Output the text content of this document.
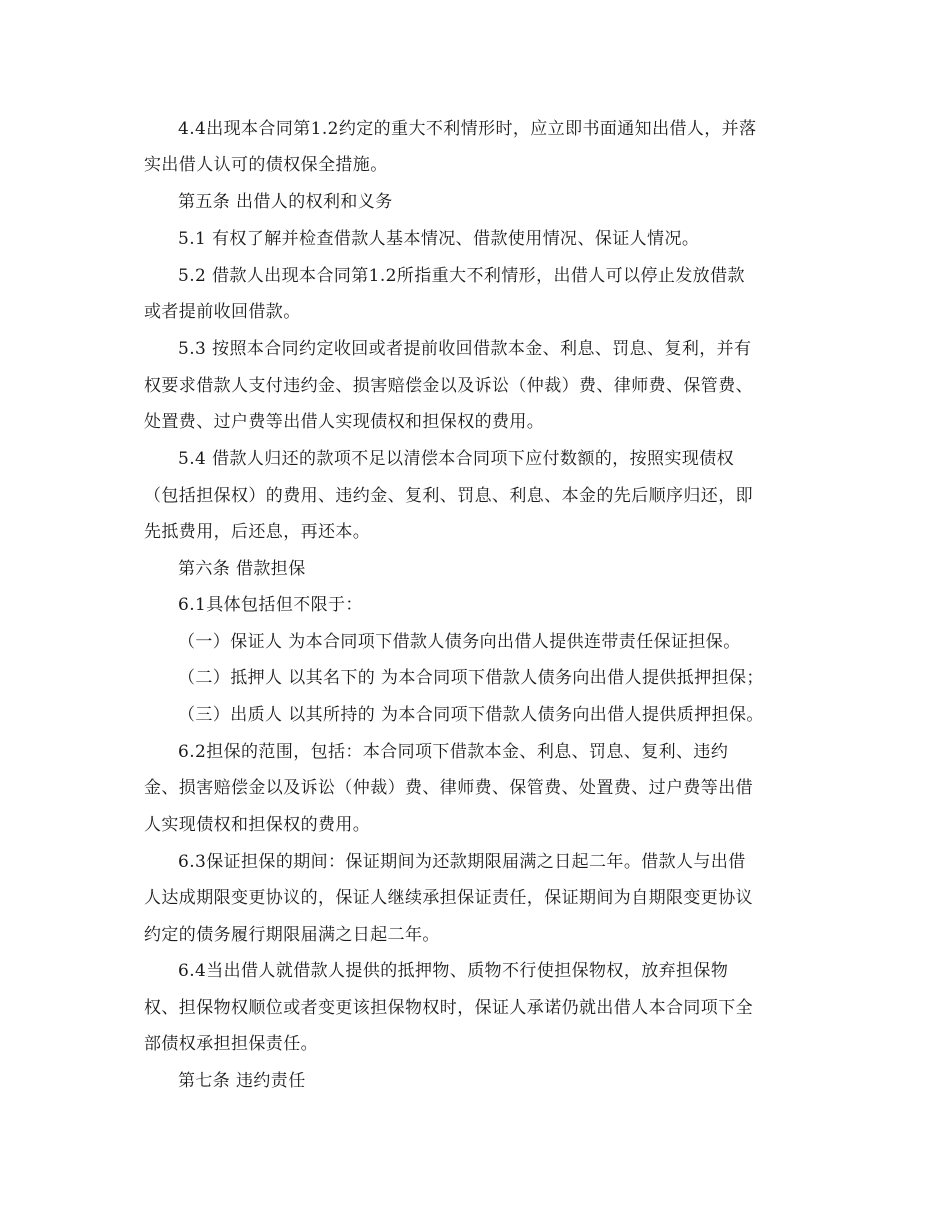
4.4出现本合同第1.2约定的重大不利情形时，应立即书面通知出借人，并落
实出借人认可的债权保全措施。
第五条 出借人的权利和义务
5.1 有权了解并检查借款人基本情况、借款使用情况、保证人情况。
5.2 借款人出现本合同第1.2所指重大不利情形，出借人可以停止发放借款
或者提前收回借款。
5.3 按照本合同约定收回或者提前收回借款本金、利息、罚息、复利，并有
权要求借款人支付违约金、损害赔偿金以及诉讼（仲裁）费、律师费、保管费、
处置费、过户费等出借人实现债权和担保权的费用。
5.4 借款人归还的款项不足以清偿本合同项下应付数额的，按照实现债权
（包括担保权）的费用、违约金、复利、罚息、利息、本金的先后顺序归还，即
先抵费用，后还息，再还本。
第六条 借款担保
6.1具体包括但不限于：
（一）保证人 为本合同项下借款人债务向出借人提供连带责任保证担保。
（二）抵押人 以其名下的 为本合同项下借款人债务向出借人提供抵押担保；
（三）出质人 以其所持的 为本合同项下借款人债务向出借人提供质押担保。
6.2担保的范围，包括：本合同项下借款本金、利息、罚息、复利、违约
金、损害赔偿金以及诉讼（仲裁）费、律师费、保管费、处置费、过户费等出借
人实现债权和担保权的费用。
6.3保证担保的期间：保证期间为还款期限届满之日起二年。借款人与出借
人达成期限变更协议的，保证人继续承担保证责任，保证期间为自期限变更协议
约定的债务履行期限届满之日起二年。
6.4当出借人就借款人提供的抵押物、质物不行使担保物权，放弃担保物
权、担保物权顺位或者变更该担保物权时，保证人承诺仍就出借人本合同项下全
部债权承担担保责任。
第七条 违约责任
